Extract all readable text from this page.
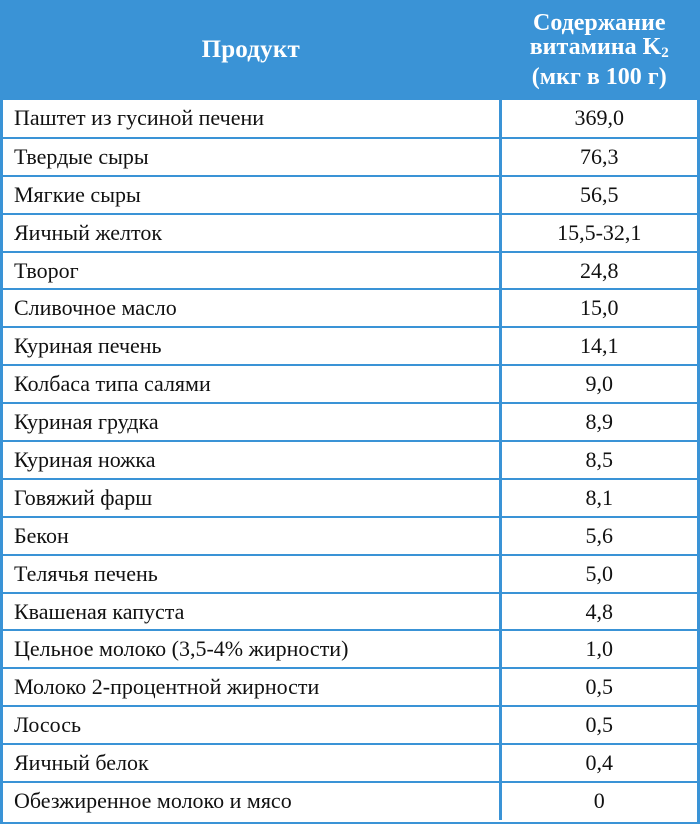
Продукт	Содержание
витамина $K_2$
(мкг в 100 г)

Паштет из гусиной печени	369,0
Твердые сыры	76,3
Мягкие сыры	56,5
Яичный желток	15,5-32,1
Творог	24,8
Сливочное масло	15,0
Куриная печень	14,1
Колбаса типа салями	9,0
Куриная грудка	8,9
Куриная ножка	8,5
Говяжий фарш	8,1
Бекон	5,6
Телячья печень	5,0
Квашеная капуста	4,8
Цельное молоко (3,5-4% жирности)	1,0
Молоко 2-процентной жирности	0,5
Лосось	0,5
Яичный белок	0,4
Обезжиренное молоко и мясо	0
